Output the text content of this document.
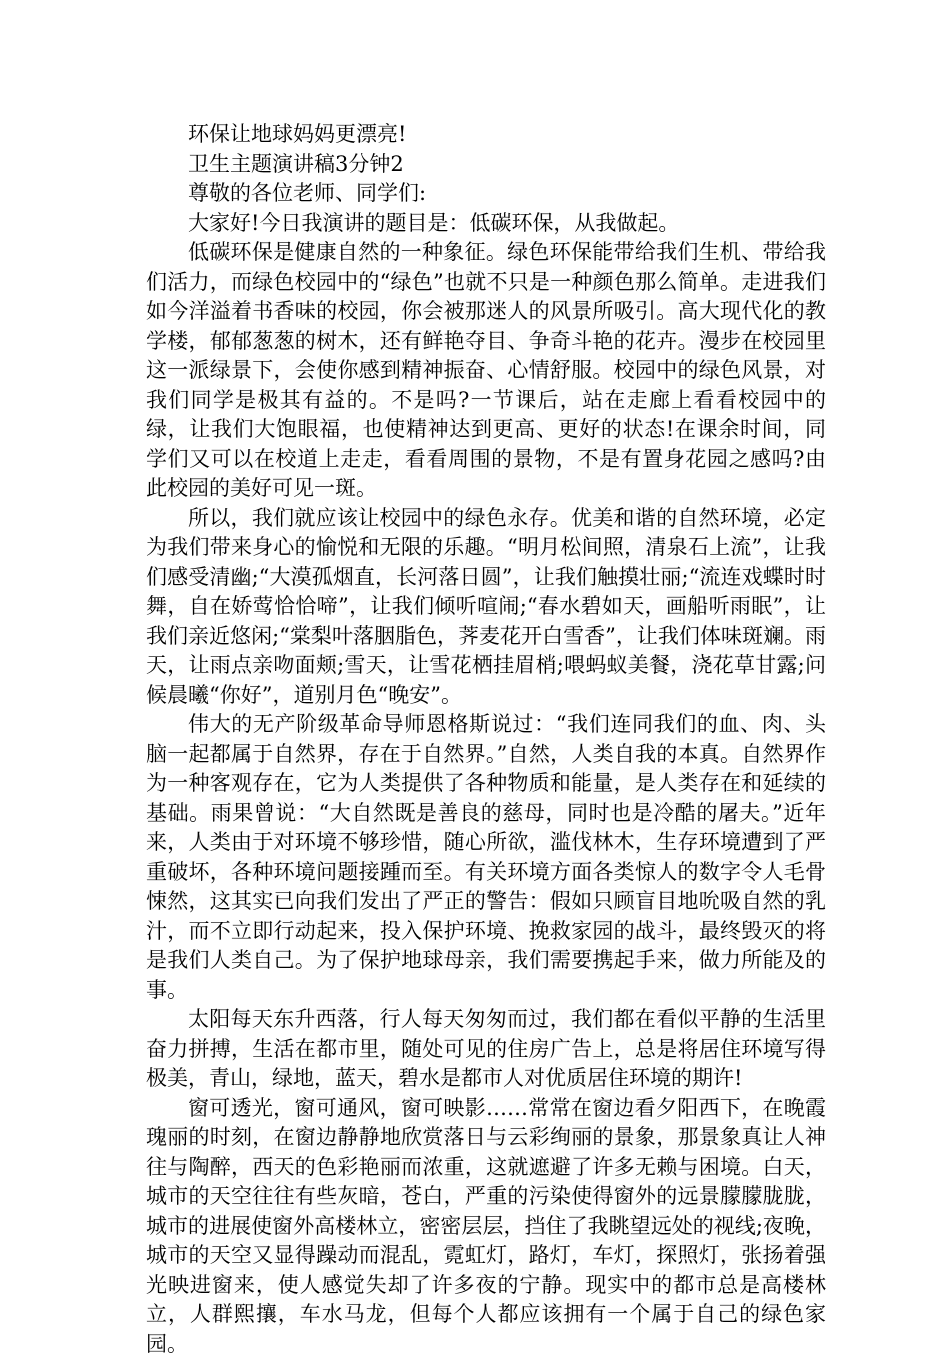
环保让地球妈妈更漂亮!

卫生主题演讲稿3分钟2

尊敬的各位老师、同学们:

大家好!今日我演讲的题目是：低碳环保，从我做起。

低碳环保是健康自然的一种象征。绿色环保能带给我们生机、带给我们活力，而绿色校园中的“绿色”也就不只是一种颜色那么简单。走进我们如今洋溢着书香味的校园，你会被那迷人的风景所吸引。高大现代化的教学楼，郁郁葱葱的树木，还有鲜艳夺目、争奇斗艳的花卉。漫步在校园里这一派绿景下，会使你感到精神振奋、心情舒服。校园中的绿色风景，对我们同学是极其有益的。不是吗?一节课后，站在走廊上看看校园中的绿，让我们大饱眼福，也使精神达到更高、更好的状态!在课余时间，同学们又可以在校道上走走，看看周围的景物，不是有置身花园之感吗?由此校园的美好可见一斑。

所以，我们就应该让校园中的绿色永存。优美和谐的自然环境，必定为我们带来身心的愉悦和无限的乐趣。“明月松间照，清泉石上流”，让我们感受清幽;“大漠孤烟直，长河落日圆”，让我们触摸壮丽;“流连戏蝶时时舞，自在娇莺恰恰啼”，让我们倾听喧闹;“春水碧如天，画船听雨眠”，让我们亲近悠闲;“棠梨叶落胭脂色，荠麦花开白雪香”，让我们体味斑斓。雨天，让雨点亲吻面颊;雪天，让雪花栖挂眉梢;喂蚂蚁美餐，浇花草甘露;问候晨曦“你好”，道别月色“晚安”。

伟大的无产阶级革命导师恩格斯说过：“我们连同我们的血、肉、头脑一起都属于自然界，存在于自然界。”自然，人类自我的本真。自然界作为一种客观存在，它为人类提供了各种物质和能量，是人类存在和延续的基础。雨果曾说：“大自然既是善良的慈母，同时也是冷酷的屠夫。”近年来，人类由于对环境不够珍惜，随心所欲，滥伐林木，生存环境遭到了严重破坏，各种环境问题接踵而至。有关环境方面各类惊人的数字令人毛骨悚然，这其实已向我们发出了严正的警告：假如只顾盲目地吮吸自然的乳汁，而不立即行动起来，投入保护环境、挽救家园的战斗，最终毁灭的将是我们人类自己。为了保护地球母亲，我们需要携起手来，做力所能及的事。

太阳每天东升西落，行人每天匆匆而过，我们都在看似平静的生活里奋力拼搏，生活在都市里，随处可见的住房广告上，总是将居住环境写得极美，青山，绿地，蓝天，碧水是都市人对优质居住环境的期许!

窗可透光，窗可通风，窗可映影……常常在窗边看夕阳西下，在晚霞瑰丽的时刻，在窗边静静地欣赏落日与云彩绚丽的景象，那景象真让人神往与陶醉，西天的色彩艳丽而浓重，这就遮避了许多无赖与困境。白天，城市的天空往往有些灰暗，苍白，严重的污染使得窗外的远景朦朦胧胧，城市的进展使窗外高楼林立，密密层层，挡住了我眺望远处的视线;夜晚，城市的天空又显得躁动而混乱，霓虹灯，路灯，车灯，探照灯，张扬着强光映进窗来，使人感觉失却了许多夜的宁静。现实中的都市总是高楼林立，人群熙攘，车水马龙，但每个人都应该拥有一个属于自己的绿色家园。
